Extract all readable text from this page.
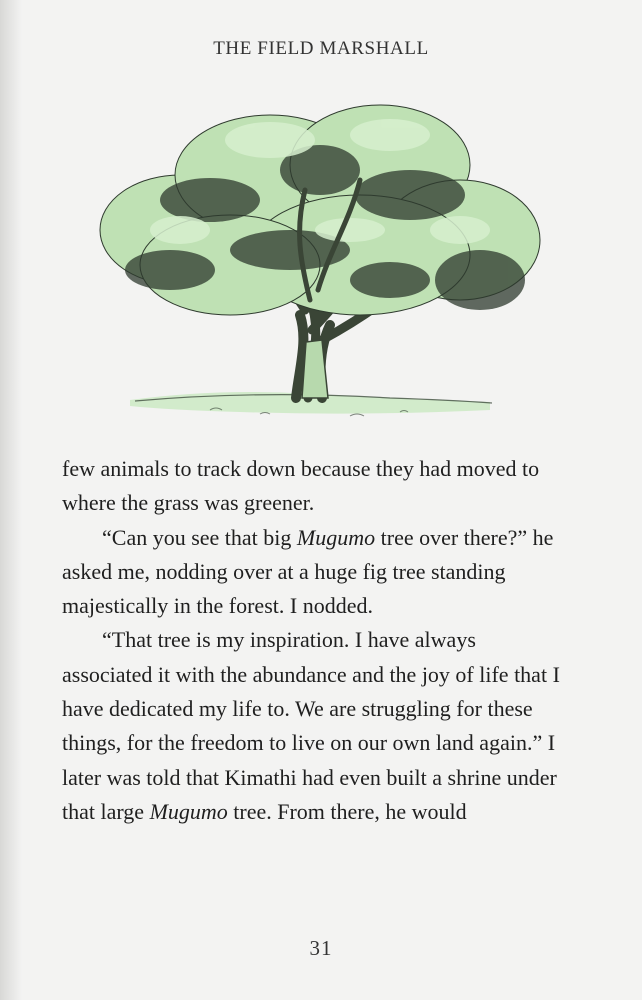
THE FIELD MARSHALL

few animals to track down because they had moved to where the grass was greener.

“Can you see that big Mugumo tree over there?” he asked me, nodding over at a huge fig tree standing majestically in the forest. I nodded.

“That tree is my inspiration. I have always associated it with the abundance and the joy of life that I have dedicated my life to. We are struggling for these things, for the freedom to live on our own land again.” I later was told that Kimathi had even built a shrine under that large Mugumo tree. From there, he would

31
